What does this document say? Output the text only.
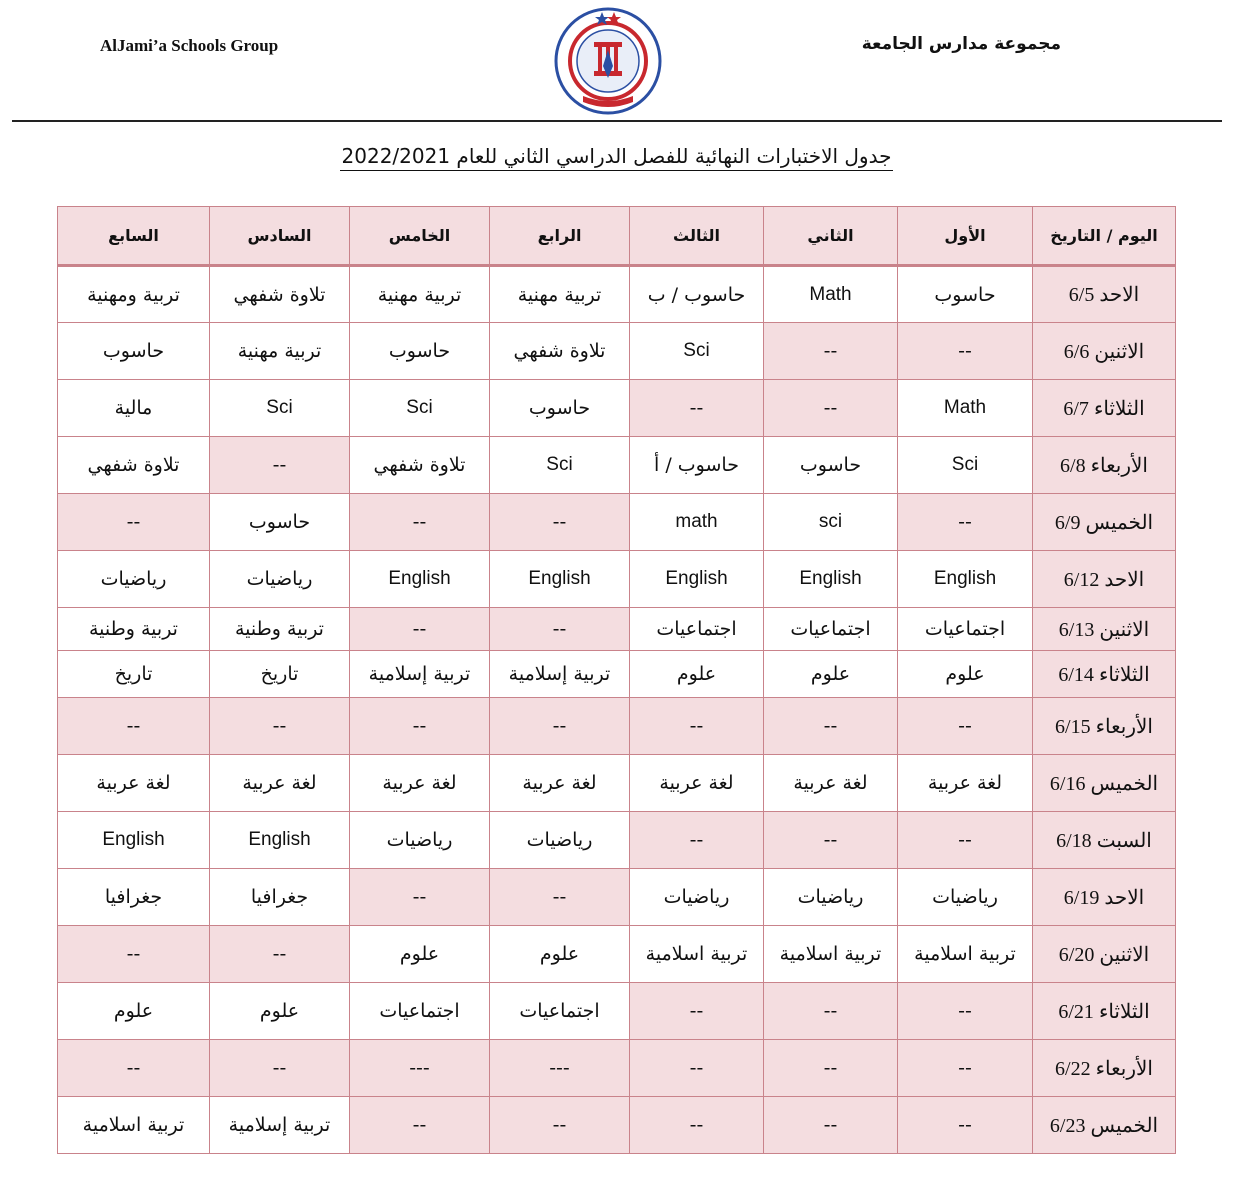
AlJami’a Schools Group	مجموعة مدارس الجامعة
جدول الاختبارات النهائية للفصل الدراسي الثاني للعام 2022/2021
اليوم / التاريخ	الأول	الثاني	الثالث	الرابع	الخامس	السادس	السابع
الاحد 6/5	حاسوب	Math	حاسوب / ب	تربية مهنية	تربية مهنية	تلاوة شفهي	تربية ومهنية
الاثنين 6/6	--	--	Sci	تلاوة شفهي	حاسوب	تربية مهنية	حاسوب
الثلاثاء 6/7	Math	--	--	حاسوب	Sci	Sci	مالية
الأربعاء 6/8	Sci	حاسوب	حاسوب / أ	Sci	تلاوة شفهي	--	تلاوة شفهي
الخميس 6/9	--	sci	math	--	--	حاسوب	--
الاحد 6/12	English	English	English	English	English	رياضيات	رياضيات
الاثنين 6/13	اجتماعيات	اجتماعيات	اجتماعيات	--	--	تربية وطنية	تربية وطنية
الثلاثاء 6/14	علوم	علوم	علوم	تربية إسلامية	تربية إسلامية	تاريخ	تاريخ
الأربعاء 6/15	--	--	--	--	--	--	--
الخميس 6/16	لغة عربية	لغة عربية	لغة عربية	لغة عربية	لغة عربية	لغة عربية	لغة عربية
السبت 6/18	--	--	--	رياضيات	رياضيات	English	English
الاحد 6/19	رياضيات	رياضيات	رياضيات	--	--	جغرافيا	جغرافيا
الاثنين 6/20	تربية اسلامية	تربية اسلامية	تربية اسلامية	علوم	علوم	--	--
الثلاثاء 6/21	--	--	--	اجتماعيات	اجتماعيات	علوم	علوم
الأربعاء 6/22	--	--	--	---	---	--	--
الخميس 6/23	--	--	--	--	--	تربية إسلامية	تربية اسلامية
